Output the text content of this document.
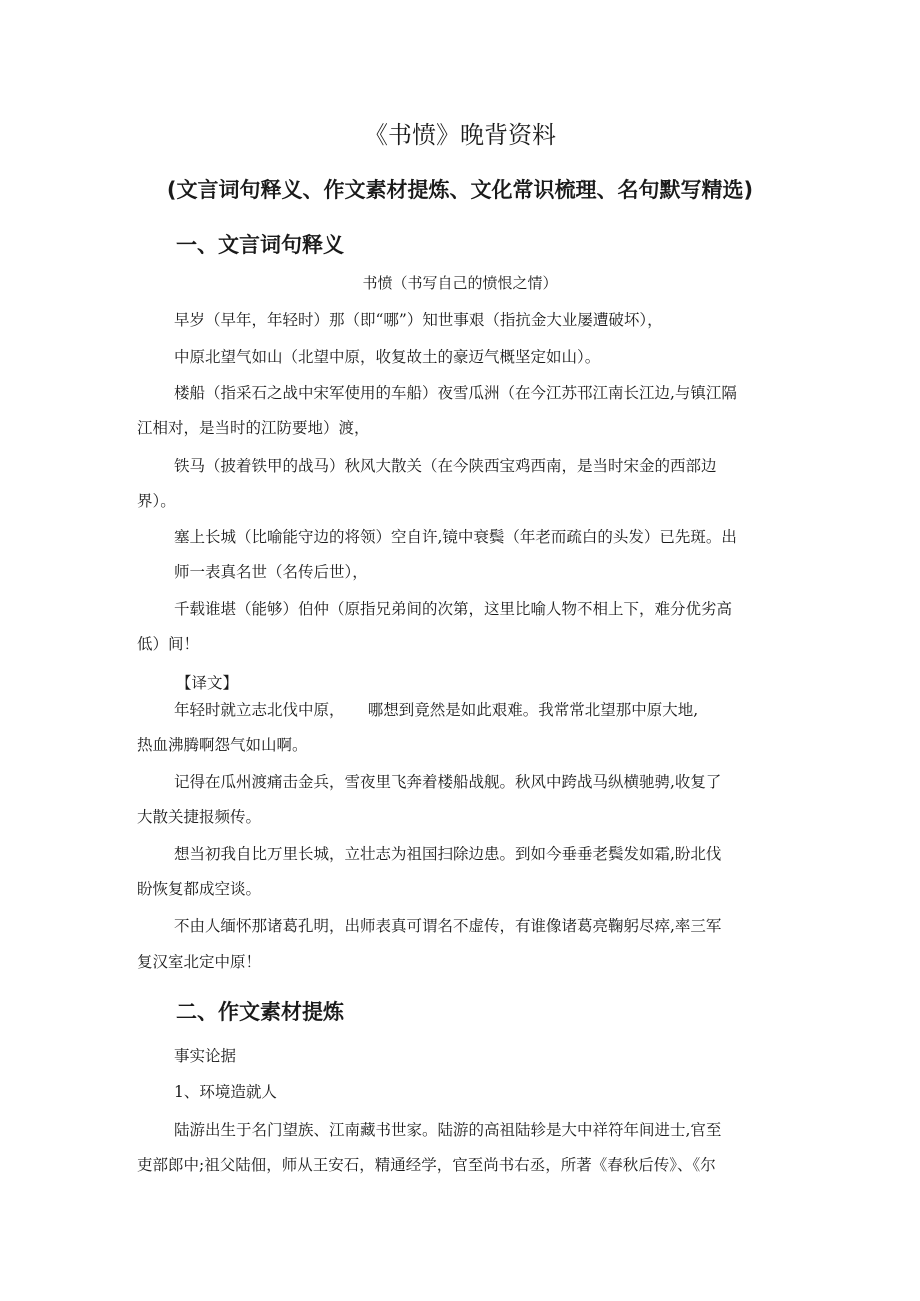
《书愤》晚背资料
(文言词句释义、作文素材提炼、文化常识梳理、名句默写精选)
一、文言词句释义
书愤（书写自己的愤恨之情）
早岁（早年，年轻时）那（即“哪”）知世事艰（指抗金大业屡遭破坏），
中原北望气如山（北望中原，收复故土的豪迈气概坚定如山）。
楼船（指采石之战中宋军使用的车船）夜雪瓜洲（在今江苏邗江南长江边,与镇江隔
江相对，是当时的江防要地）渡，
铁马（披着铁甲的战马）秋风大散关（在今陕西宝鸡西南，是当时宋金的西部边
界）。
塞上长城（比喻能守边的将领）空自许,镜中衰鬓（年老而疏白的头发）已先斑。出
师一表真名世（名传后世），
千载谁堪（能够）伯仲（原指兄弟间的次第，这里比喻人物不相上下，难分优劣高
低）间！
【译文】
年轻时就立志北伐中原，　　哪想到竟然是如此艰难。我常常北望那中原大地,
热血沸腾啊怨气如山啊。
记得在瓜州渡痛击金兵，雪夜里飞奔着楼船战舰。秋风中跨战马纵横驰骋,收复了
大散关捷报频传。
想当初我自比万里长城，立壮志为祖国扫除边患。到如今垂垂老鬓发如霜,盼北伐
盼恢复都成空谈。
不由人缅怀那诸葛孔明，出师表真可谓名不虚传，有谁像诸葛亮鞠躬尽瘁,率三军
复汉室北定中原！
二、作文素材提炼
事实论据
1、环境造就人
陆游出生于名门望族、江南藏书世家。陆游的高祖陆轸是大中祥符年间进士,官至
吏部郎中;祖父陆佃，师从王安石，精通经学，官至尚书右丞，所著《春秋后传》、《尔
